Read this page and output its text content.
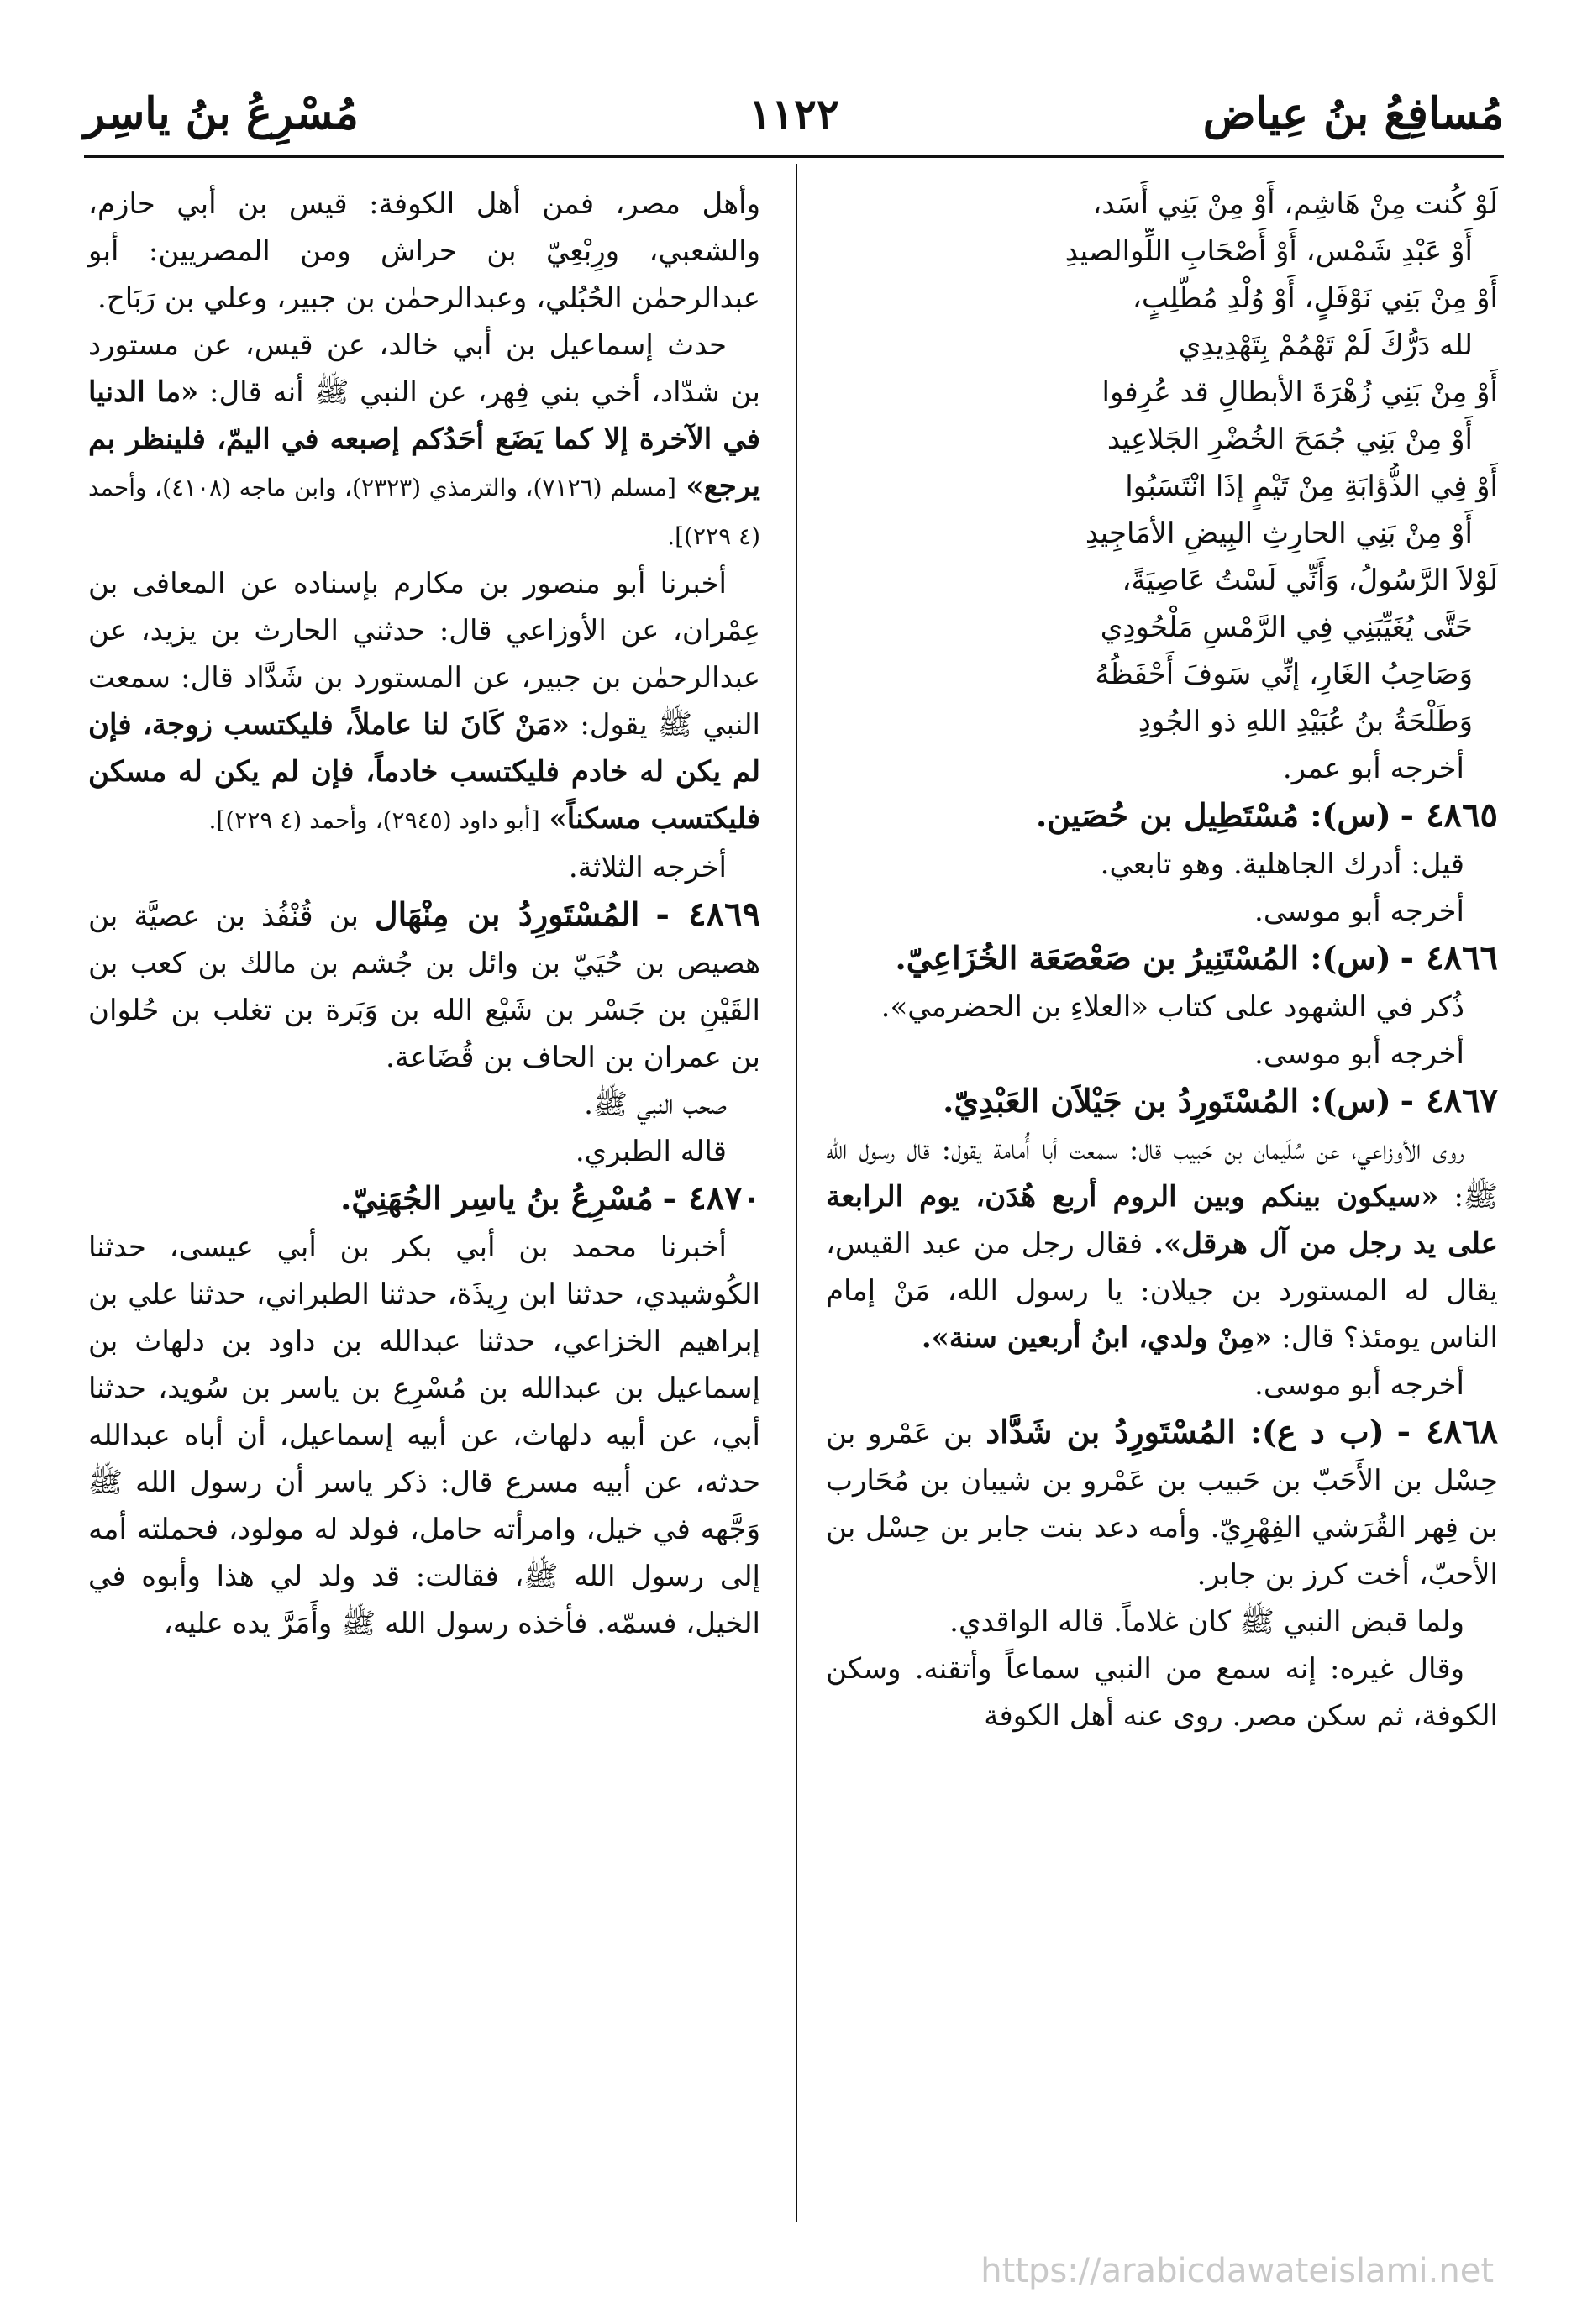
مُسافِعُ بنُ عِياض
١١٢٢
مُسْرِعُ بنُ ياسِر

لَوْ كُنت مِنْ هَاشِم، أَوْ مِنْ بَنِي أَسَد،

أَوْ عَبْدِ شَمْس، أَوْ أَصْحَابِ اللِّوالصيدِ

أَوْ مِنْ بَنِي نَوْفَلٍ، أَوْ وُلْدِ مُطَّلِبٍ،

لله دَرُّكَ لَمْ تَهْمُمْ بِتَهْدِيدِي

أَوْ مِنْ بَنِي زُهْرَةَ الأبطالِ قد عُرِفوا

أَوْ مِنْ بَنِي جُمَحَ الخُضْرِ الجَلاعِيد

أَوْ فِي الذُّؤابَةِ مِنْ تَيْمٍ إذَا انْتَسَبُوا

أَوْ مِنْ بَنِي الحارِثِ البِيضِ الأمَاجِيدِ

لَوْلاَ الرَّسُولُ، وَأَنِّي لَسْتُ عَاصِيَةً،

حَتَّى يُغَيِّبَنِي فِي الرَّمْسِ مَلْحُودِي

وَصَاحِبُ الغَارِ، إنِّي سَوفَ أَحْفَظُهُ

وَطَلْحَةُ بنُ عُبَيْدِ اللهِ ذو الجُودِ

أخرجه أبو عمر.

٤٨٦٥ - (س): مُسْتَطِيل بن حُصَين.

قيل: أدرك الجاهلية. وهو تابعي.

أخرجه أبو موسى.

٤٨٦٦ - (س): المُسْتَنِيرُ بن صَعْصَعَة الخُزَاعِيّ.

ذُكر في الشهود على كتاب «العلاءِ بن الحضرمي».

أخرجه أبو موسى.

٤٨٦٧ - (س): المُسْتَورِدُ بن جَيْلاَن العَبْدِيّ.

روى الأوزاعي، عن سُلَيمان بن حَبيب قال: سمعت أبا أُمامة يقول: قال رسول الله ﷺ: «سيكون بينكم وبين الروم أربع هُدَن، يوم الرابعة على يد رجل من آل هرقل». فقال رجل من عبد القيس، يقال له المستورد بن جيلان: يا رسول الله، مَنْ إمام الناس يومئذ؟ قال: «مِنْ ولدي، ابنُ أربعين سنة».

أخرجه أبو موسى.

٤٨٦٨ - (ب د ع): المُسْتَورِدُ بن شَدَّاد بن عَمْرو بن حِسْل بن الأَحَبّ بن حَبيب بن عَمْرو بن شيبان بن مُحَارب بن فِهر القُرَشي الفِهْرِيّ. وأمه دعد بنت جابر بن حِسْل بن الأحبّ، أخت كرز بن جابر.

ولما قبض النبي ﷺ كان غلاماً. قاله الواقدي.

وقال غيره: إنه سمع من النبي سماعاً وأتقنه. وسكن الكوفة، ثم سكن مصر. روى عنه أهل الكوفة

وأهل مصر، فمن أهل الكوفة: قيس بن أبي حازم، والشعبي، ورِبْعِيّ بن حراش ومن المصريين: أبو عبدالرحمٰن الحُبُلي، وعبدالرحمٰن بن جبير، وعلي بن رَبَاح.

حدث إسماعيل بن أبي خالد، عن قيس، عن مستورد بن شدّاد، أخي بني فِهر، عن النبي ﷺ أنه قال: «ما الدنيا في الآخرة إلا كما يَضَع أحَدُكم إصبعه في اليمّ، فلينظر بم يرجع» [مسلم (٧١٢٦)، والترمذي (٢٣٢٣)، وابن ماجه (٤١٠٨)، وأحمد (٤ ٢٢٩)].

أخبرنا أبو منصور بن مكارم بإسناده عن المعافى بن عِمْران، عن الأوزاعي قال: حدثني الحارث بن يزيد، عن عبدالرحمٰن بن جبير، عن المستورد بن شَدَّاد قال: سمعت النبي ﷺ يقول: «مَنْ كَانَ لنا عاملاً، فليكتسب زوجة، فإن لم يكن له خادم فليكتسب خادماً، فإن لم يكن له مسكن فليكتسب مسكناً» [أبو داود (٢٩٤٥)، وأحمد (٤ ٢٢٩)].

أخرجه الثلاثة.

٤٨٦٩ - المُسْتَورِدُ بن مِنْهَال بن قُنْفُذ بن عصيَّة بن هصيص بن حُيَيّ بن وائل بن جُشم بن مالك بن كعب بن القَيْنِ بن جَسْر بن شَيْع الله بن وَبَرة بن تغلب بن حُلوان بن عمران بن الحاف بن قُضَاعة.

صحب النبي ﷺ.

قاله الطبري.

٤٨٧٠ - مُسْرِعُ بنُ ياسِر الجُهَنِيّ.

أخبرنا محمد بن أبي بكر بن أبي عيسى، حدثنا الكُوشيدي، حدثنا ابن رِيذَة، حدثنا الطبراني، حدثنا علي بن إبراهيم الخزاعي، حدثنا عبدالله بن داود بن دلهاث بن إسماعيل بن عبدالله بن مُسْرِع بن ياسر بن سُويد، حدثنا أبي، عن أبيه دلهاث، عن أبيه إسماعيل، أن أباه عبدالله حدثه، عن أبيه مسرع قال: ذكر ياسر أن رسول الله ﷺ وَجَّهه في خيل، وامرأته حامل، فولد له مولود، فحملته أمه إلى رسول الله ﷺ، فقالت: قد ولد لي هذا وأبوه في الخيل، فسمّه. فأخذه رسول الله ﷺ وأَمَرَّ يده عليه،

https://arabicdawateislami.net
